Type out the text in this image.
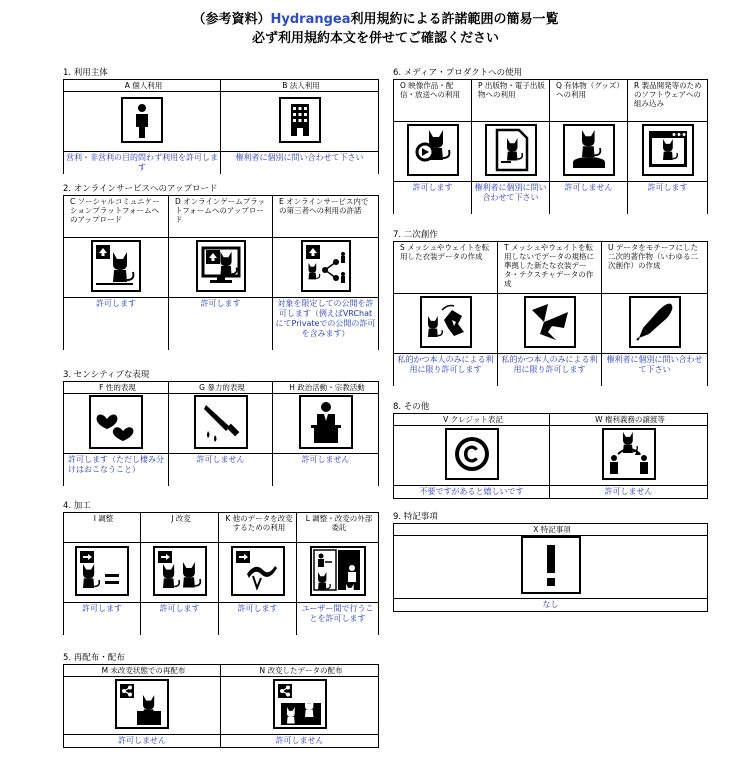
（参考資料）Hydrangea利用規約による許諾範囲の簡易一覧
必ず利用規約本文を併せてご確認ください
1. 利用主体
A 個人利用	B 法人利用

営利・非営利の目的問わず利用を許可します	権利者に個別に問い合わせて下さい
2. オンラインサービスへのアップロード
C ソーシャルコミュニケーションプラットフォームへのアップロード	D オンラインゲームプラットフォームへのアップロード	E オンラインサービス内での第三者への利用の許諾

許可します	許可します	対象を限定しての公開を許可します（例えばVRChatにてPrivateでの公開の許可を含みます）
3. センシティブな表現
F 性的表現	G 暴力的表現	H 政治活動・宗教活動

許可します（ただし棲み分けはおこなうこと）	許可しません	許可しません
4. 加工
I 調整	J 改変	K 他のデータを改変するための利用	L 調整・改変の外部委託

許可します	許可します	許可します	ユーザー間で行うことを許可します
5. 再配布・配布
M 未改変状態での再配布	N 改変したデータの配布

許可しません	許可しません
6. メディア・プロダクトへの使用
O 映像作品・配信・放送への利用	P 出版物・電子出版物への利用	Q 有体物（グッズ）への利用	R 製品開発等のためのソフトウェアへの組み込み

許可します	権利者に個別に問い合わせて下さい	許可しません	許可します
7. 二次創作
S メッシュやウェイトを転用した衣装データの作成	T メッシュやウェイトを転用しないでデータの規格に準拠した新たな衣装データ・テクスチャデータの作成	U データをモチーフにした二次的著作物（いわゆる二次創作）の作成

私的かつ本人のみによる利用に限り許可します	私的かつ本人のみによる利用に限り許可します	権利者に個別に問い合わせて下さい
8. その他
V クレジット表記	W 権利義務の譲渡等

不要ですがあると嬉しいです	許可しません
9. 特記事項
X 特記事項

なし
